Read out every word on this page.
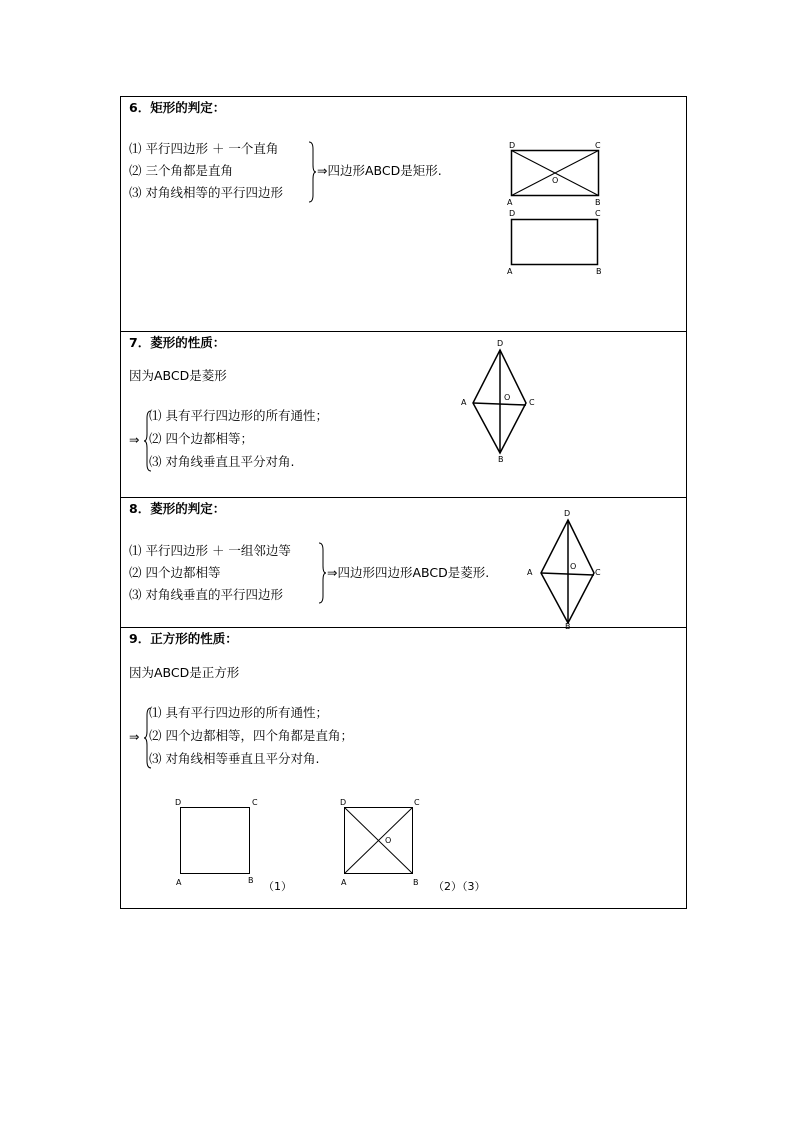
6．矩形的判定：
⑴ 平行四边形 ＋ 一个直角
⑵ 三个角都是直角
⑶ 对角线相等的平行四边形
⇒四边形ABCD是矩形.
D	C
O
A	B
D	C
A	B
7．菱形的性质：
因为ABCD是菱形
⇒
⑴ 具有平行四边形的所有通性；
⑵ 四个边都相等；
⑶ 对角线垂直且平分对角.
D
A
O
C
B
8．菱形的判定：
⑴ 平行四边形 ＋ 一组邻边等
⑵ 四个边都相等
⑶ 对角线垂直的平行四边形
⇒四边形四边形ABCD是菱形.
D
A
O
C
B
9．正方形的性质：
因为ABCD是正方形
⇒
⑴ 具有平行四边形的所有通性；
⑵ 四个边都相等，四个角都是直角；
⑶ 对角线相等垂直且平分对角.
D	C
A	B （1）
D	C
O
A	B （2）（3）
